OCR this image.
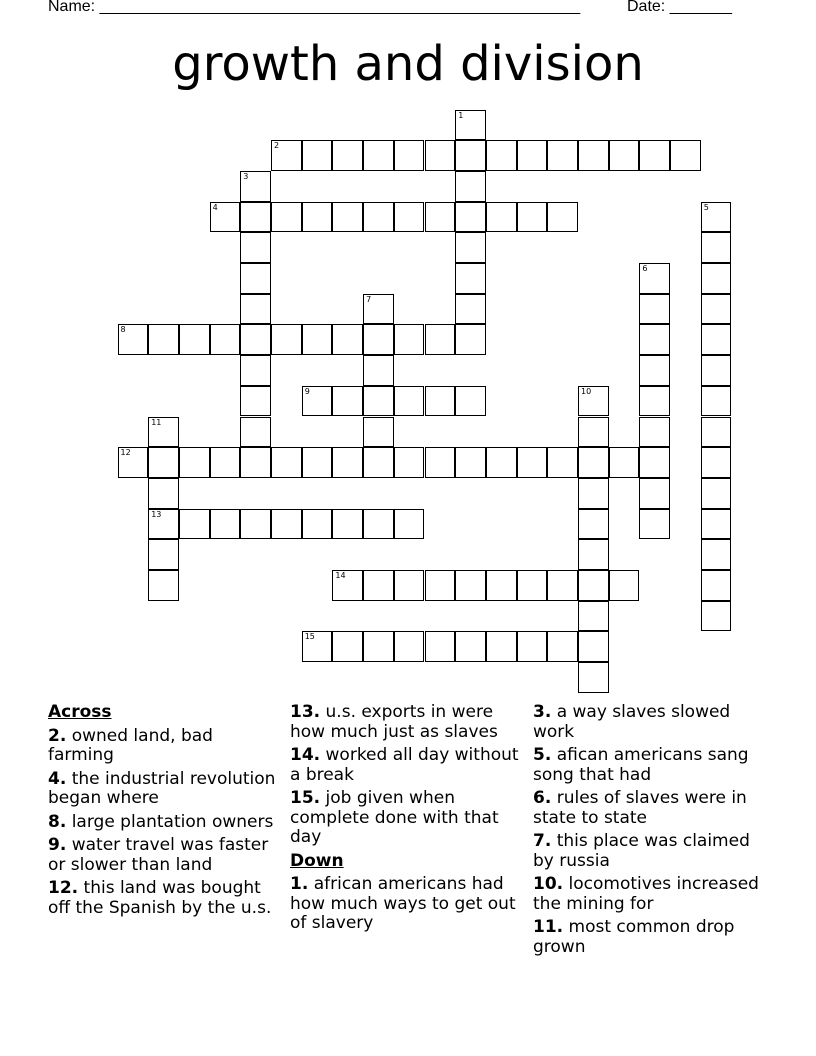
Name: ______________________________________________________	Date: _______
growth and division
1
2
3
4	5
6
7
8
9	10
11
13
12
14
15
Across
2. owned land, bad farming
4. the industrial revolution began where
8. large plantation owners
9. water travel was faster or slower than land
12. this land was bought off the Spanish by the u.s.
13. u.s. exports in were how much just as slaves
14. worked all day without a break
15. job given when complete done with that day
Down
1. african americans had how much ways to get out of slavery
3. a way slaves slowed work
5. afican americans sang song that had
6. rules of slaves were in state to state
7. this place was claimed by russia
10. locomotives increased the mining for
11. most common drop grown
